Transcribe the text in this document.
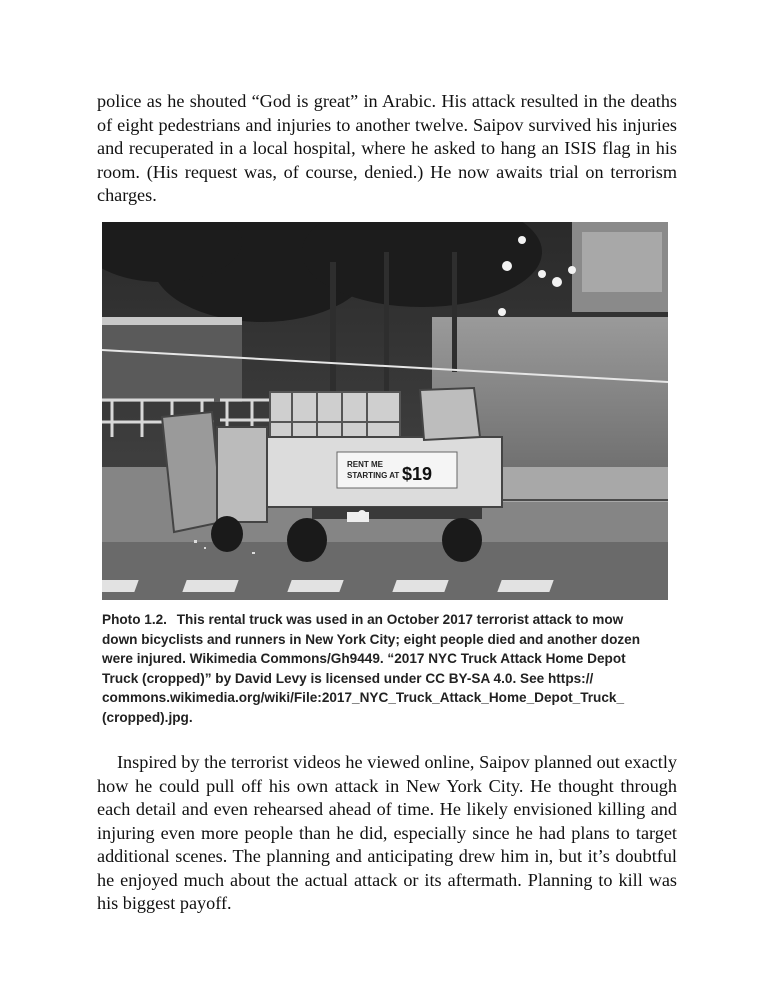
police as he shouted “God is great” in Arabic. His attack resulted in the deaths of eight pedestrians and injuries to another twelve. Saipov survived his injuries and recuperated in a local hospital, where he asked to hang an ISIS flag in his room. (His request was, of course, denied.) He now awaits trial on terrorism charges.

RENT ME
STARTING AT $19

Photo 1.2. This rental truck was used in an October 2017 terrorist attack to mow
down bicyclists and runners in New York City; eight people died and another dozen
were injured. Wikimedia Commons/Gh9449. “2017 NYC Truck Attack Home Depot
Truck (cropped)” by David Levy is licensed under CC BY-SA 4.0. See https://
commons.wikimedia.org/wiki/File:2017_NYC_Truck_Attack_Home_Depot_Truck_
(cropped).jpg.

Inspired by the terrorist videos he viewed online, Saipov planned out exactly how he could pull off his own attack in New York City. He thought through each detail and even rehearsed ahead of time. He likely envisioned killing and injuring even more people than he did, especially since he had plans to target additional scenes. The planning and anticipating drew him in, but it’s doubtful he enjoyed much about the actual attack or its aftermath. Planning to kill was his biggest payoff.
